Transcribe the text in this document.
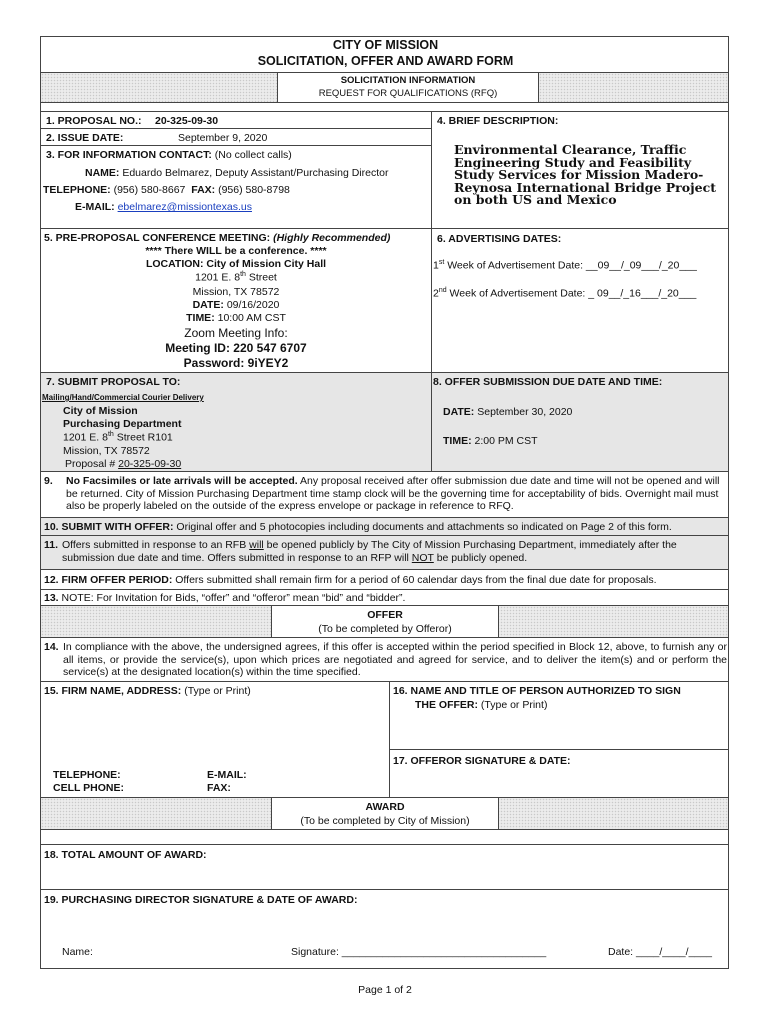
CITY OF MISSION
SOLICITATION, OFFER AND AWARD FORM
SOLICITATION INFORMATION
REQUEST FOR QUALIFICATIONS (RFQ)
1. PROPOSAL NO.: 20-325-09-30
2. ISSUE DATE:	September 9, 2020
3. FOR INFORMATION CONTACT: (No collect calls)
NAME: Eduardo Belmarez, Deputy Assistant/Purchasing Director
TELEPHONE: (956) 580-8667 FAX: (956) 580-8798
E-MAIL: ebelmarez@missiontexas.us
4. BRIEF DESCRIPTION:
Environmental Clearance, Traffic Engineering Study and Feasibility Study Services for Mission Madero-Reynosa International Bridge Project on both US and Mexico
5. PRE-PROPOSAL CONFERENCE MEETING: (Highly Recommended)
**** There WILL be a conference. ****
LOCATION: City of Mission City Hall
1201 E. 8th Street
Mission, TX 78572
DATE: 09/16/2020
TIME: 10:00 AM CST
Zoom Meeting Info:
Meeting ID: 220 547 6707
Password: 9iYEY2
6. ADVERTISING DATES:
1st Week of Advertisement Date: __09__/_09___/_20___
2nd Week of Advertisement Date: _ 09__/_16___/_20___
7. SUBMIT PROPOSAL TO:
Mailing/Hand/Commercial Courier Delivery
City of Mission
Purchasing Department
1201 E. 8th Street R101
Mission, TX 78572
Proposal # 20-325-09-30
8. OFFER SUBMISSION DUE DATE AND TIME:
DATE: September 30, 2020
TIME: 2:00 PM CST
9. No Facsimiles or late arrivals will be accepted. Any proposal received after offer submission due date and time will not be opened and will be returned. City of Mission Purchasing Department time stamp clock will be the governing time for acceptability of bids. Overnight mail must also be properly labeled on the outside of the express envelope or package in reference to RFQ.
10. SUBMIT WITH OFFER: Original offer and 5 photocopies including documents and attachments so indicated on Page 2 of this form.
11. Offers submitted in response to an RFB will be opened publicly by The City of Mission Purchasing Department, immediately after the submission due date and time. Offers submitted in response to an RFP will NOT be publicly opened.
12. FIRM OFFER PERIOD: Offers submitted shall remain firm for a period of 60 calendar days from the final due date for proposals.
13. NOTE: For Invitation for Bids, “offer” and “offeror” mean “bid” and “bidder”.
OFFER
(To be completed by Offeror)
14. In compliance with the above, the undersigned agrees, if this offer is accepted within the period specified in Block 12, above, to furnish any or all items, or provide the service(s), upon which prices are negotiated and agreed for service, and to deliver the item(s) and or perform the service(s) at the designated location(s) within the time specified.
15. FIRM NAME, ADDRESS: (Type or Print)
TELEPHONE:
CELL PHONE:
E-MAIL:
FAX:
16. NAME AND TITLE OF PERSON AUTHORIZED TO SIGN
THE OFFER: (Type or Print)
17. OFFEROR SIGNATURE & DATE:
AWARD
(To be completed by City of Mission)
18. TOTAL AMOUNT OF AWARD:
19. PURCHASING DIRECTOR SIGNATURE & DATE OF AWARD:
Name:	Signature: ___________________________________	Date: ____/____/____
Page 1 of 2
